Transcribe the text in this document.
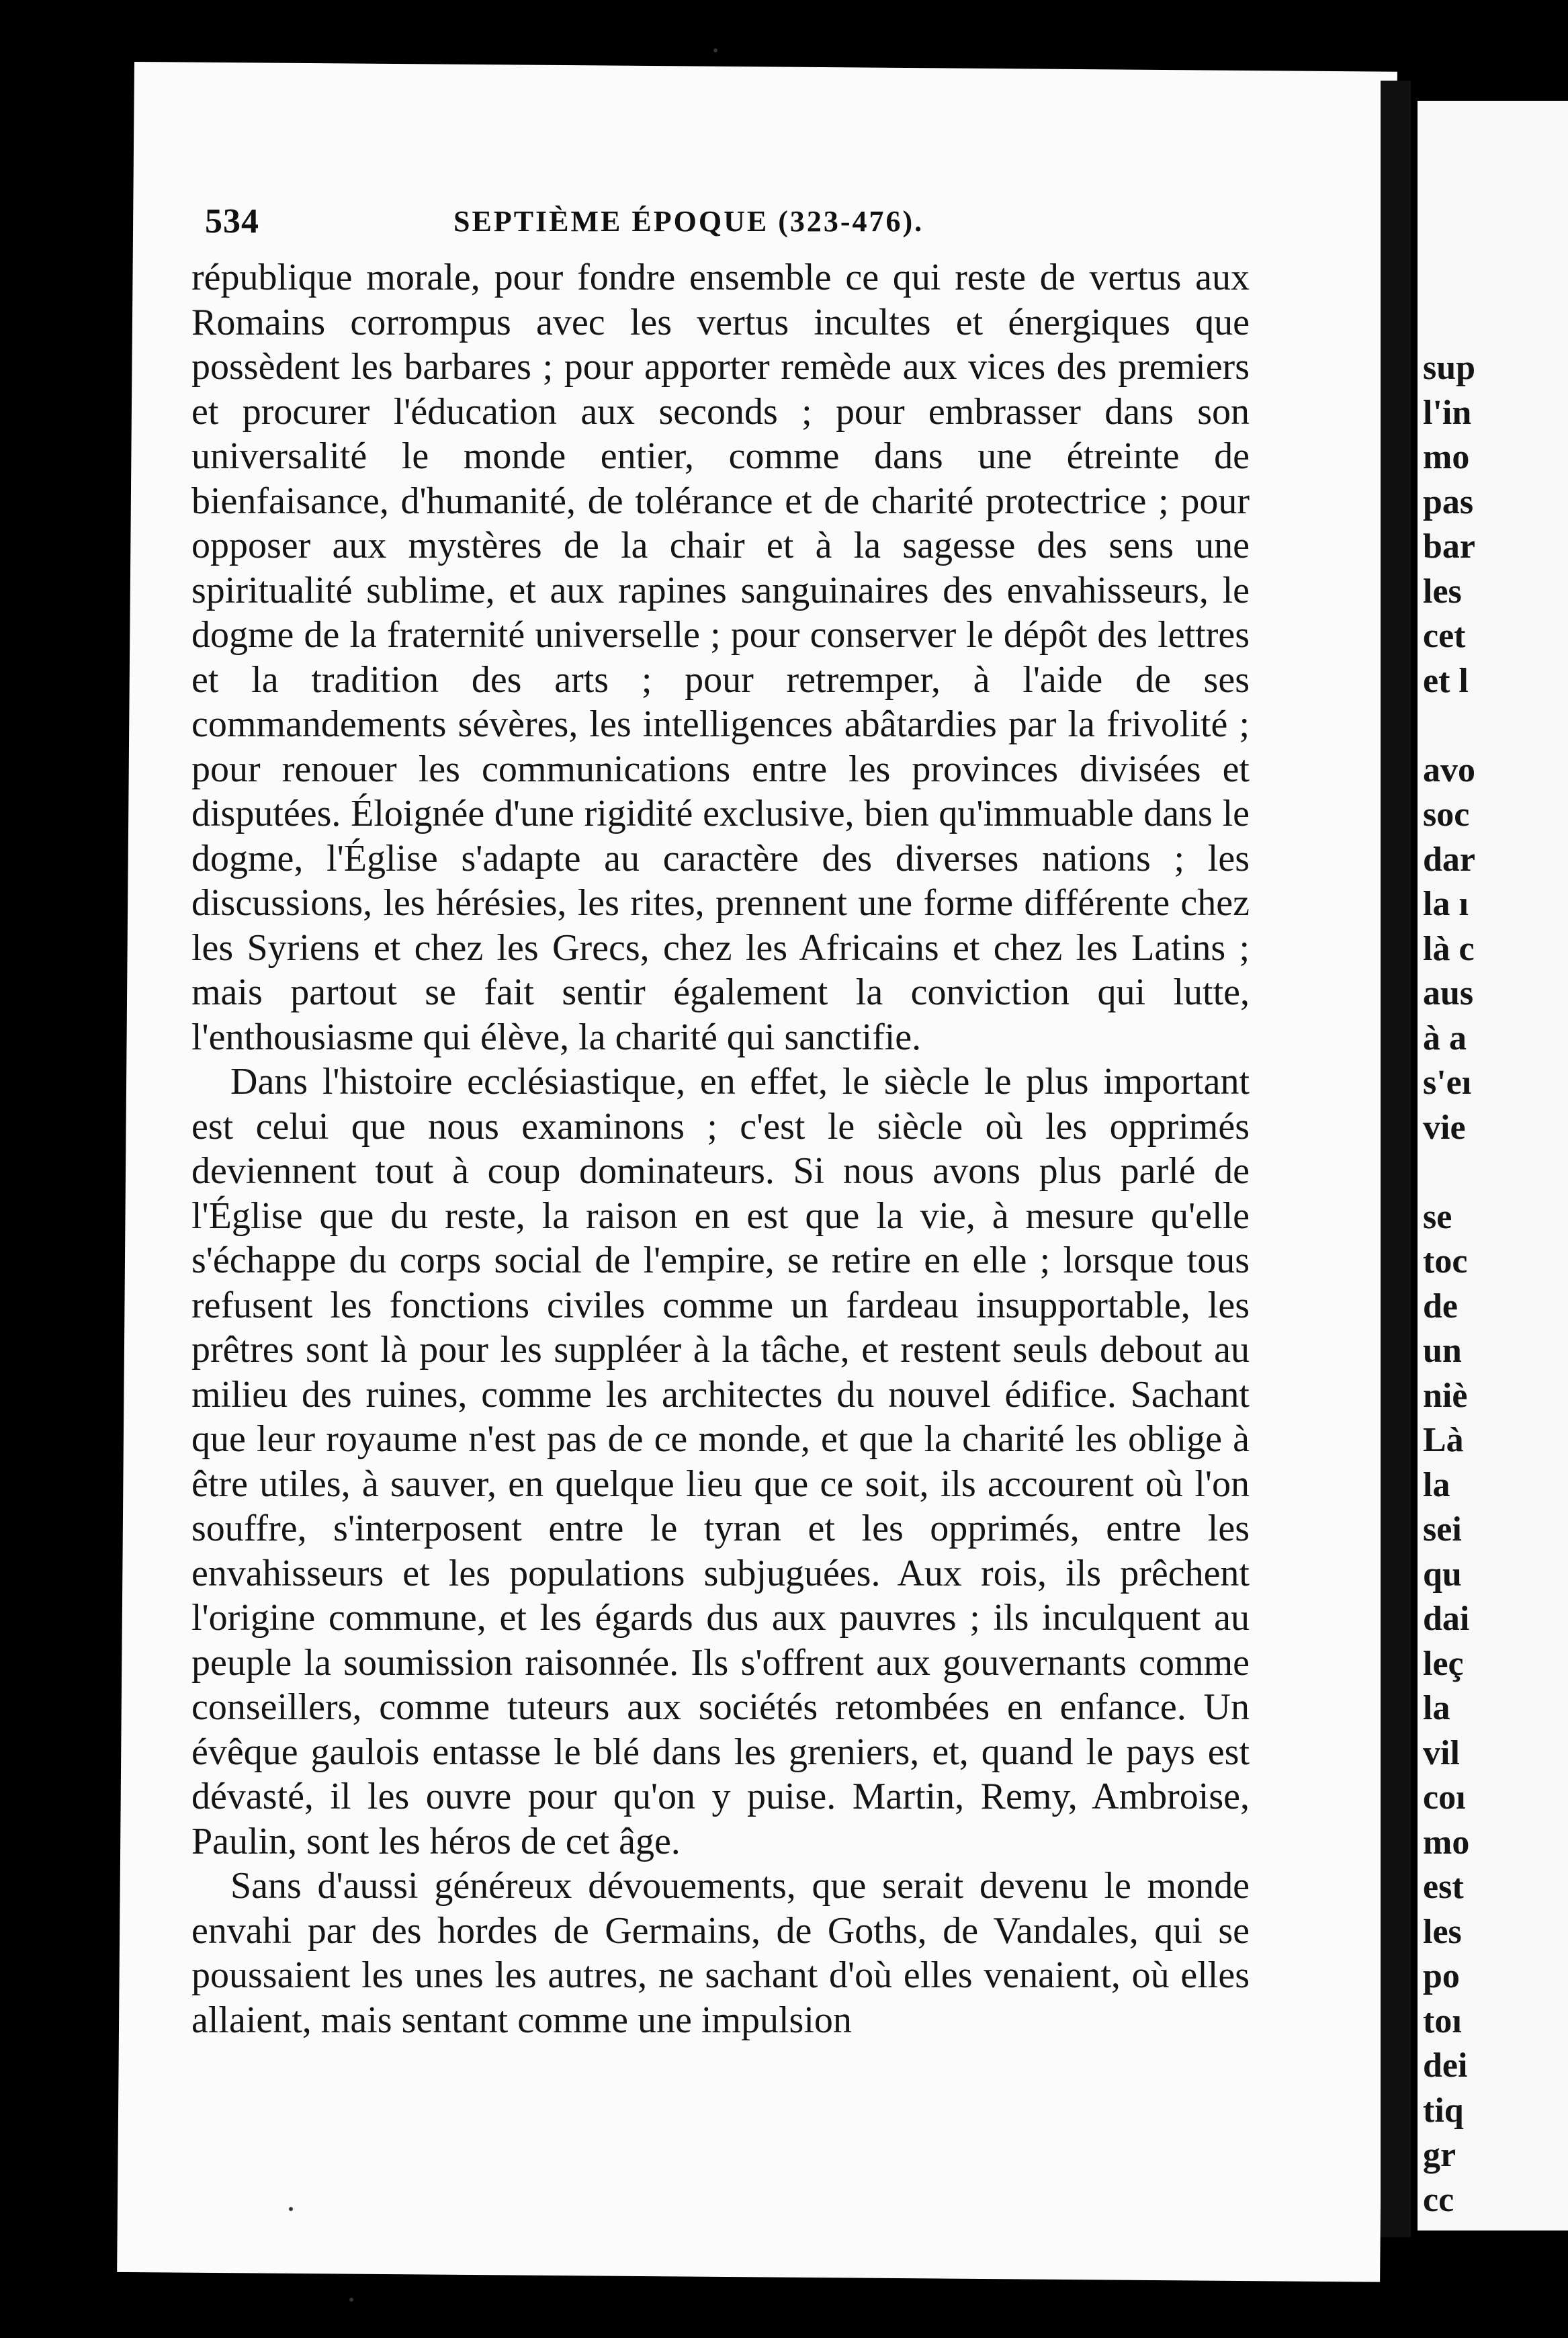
sup
l'in
mo
pas
bar
les
cet
et l
avo
soc
dar
la ı
là c
aus
à a
s'eı
vie
se
toc
de
un
niè
Là
la
sei
qu
dai
leç
la
vil
coı
mo
est
les
po
toı
dei
tiq
gr
cc
534	SEPTIÈME ÉPOQUE (323-476).

république morale, pour fondre ensemble ce qui reste de vertus aux Romains corrompus avec les vertus incultes et énergiques que possèdent les barbares ; pour apporter remède aux vices des premiers et procurer l'éducation aux seconds ; pour embrasser dans son universalité le monde entier, comme dans une étreinte de bienfaisance, d'humanité, de tolérance et de charité protectrice ; pour opposer aux mystères de la chair et à la sagesse des sens une spiritualité sublime, et aux rapines sanguinaires des envahisseurs, le dogme de la fraternité universelle ; pour conserver le dépôt des lettres et la tradition des arts ; pour retremper, à l'aide de ses commandements sévères, les intelligences abâtardies par la frivolité ; pour renouer les communications entre les provinces divisées et disputées. Éloignée d'une rigidité exclusive, bien qu'immuable dans le dogme, l'Église s'adapte au caractère des diverses nations ; les discussions, les hérésies, les rites, prennent une forme différente chez les Syriens et chez les Grecs, chez les Africains et chez les Latins ; mais partout se fait sentir également la conviction qui lutte, l'enthousiasme qui élève, la charité qui sanctifie.

Dans l'histoire ecclésiastique, en effet, le siècle le plus important est celui que nous examinons ; c'est le siècle où les opprimés deviennent tout à coup dominateurs. Si nous avons plus parlé de l'Église que du reste, la raison en est que la vie, à mesure qu'elle s'échappe du corps social de l'empire, se retire en elle ; lorsque tous refusent les fonctions civiles comme un fardeau insupportable, les prêtres sont là pour les suppléer à la tâche, et restent seuls debout au milieu des ruines, comme les architectes du nouvel édifice. Sachant que leur royaume n'est pas de ce monde, et que la charité les oblige à être utiles, à sauver, en quelque lieu que ce soit, ils accourent où l'on souffre, s'interposent entre le tyran et les opprimés, entre les envahisseurs et les populations subjuguées. Aux rois, ils prêchent l'origine commune, et les égards dus aux pauvres ; ils inculquent au peuple la soumission raisonnée. Ils s'offrent aux gouvernants comme conseillers, comme tuteurs aux sociétés retombées en enfance. Un évêque gaulois entasse le blé dans les greniers, et, quand le pays est dévasté, il les ouvre pour qu'on y puise. Martin, Remy, Ambroise, Paulin, sont les héros de cet âge.

Sans d'aussi généreux dévouements, que serait devenu le monde envahi par des hordes de Germains, de Goths, de Vandales, qui se poussaient les unes les autres, ne sachant d'où elles venaient, où elles allaient, mais sentant comme une impulsion
